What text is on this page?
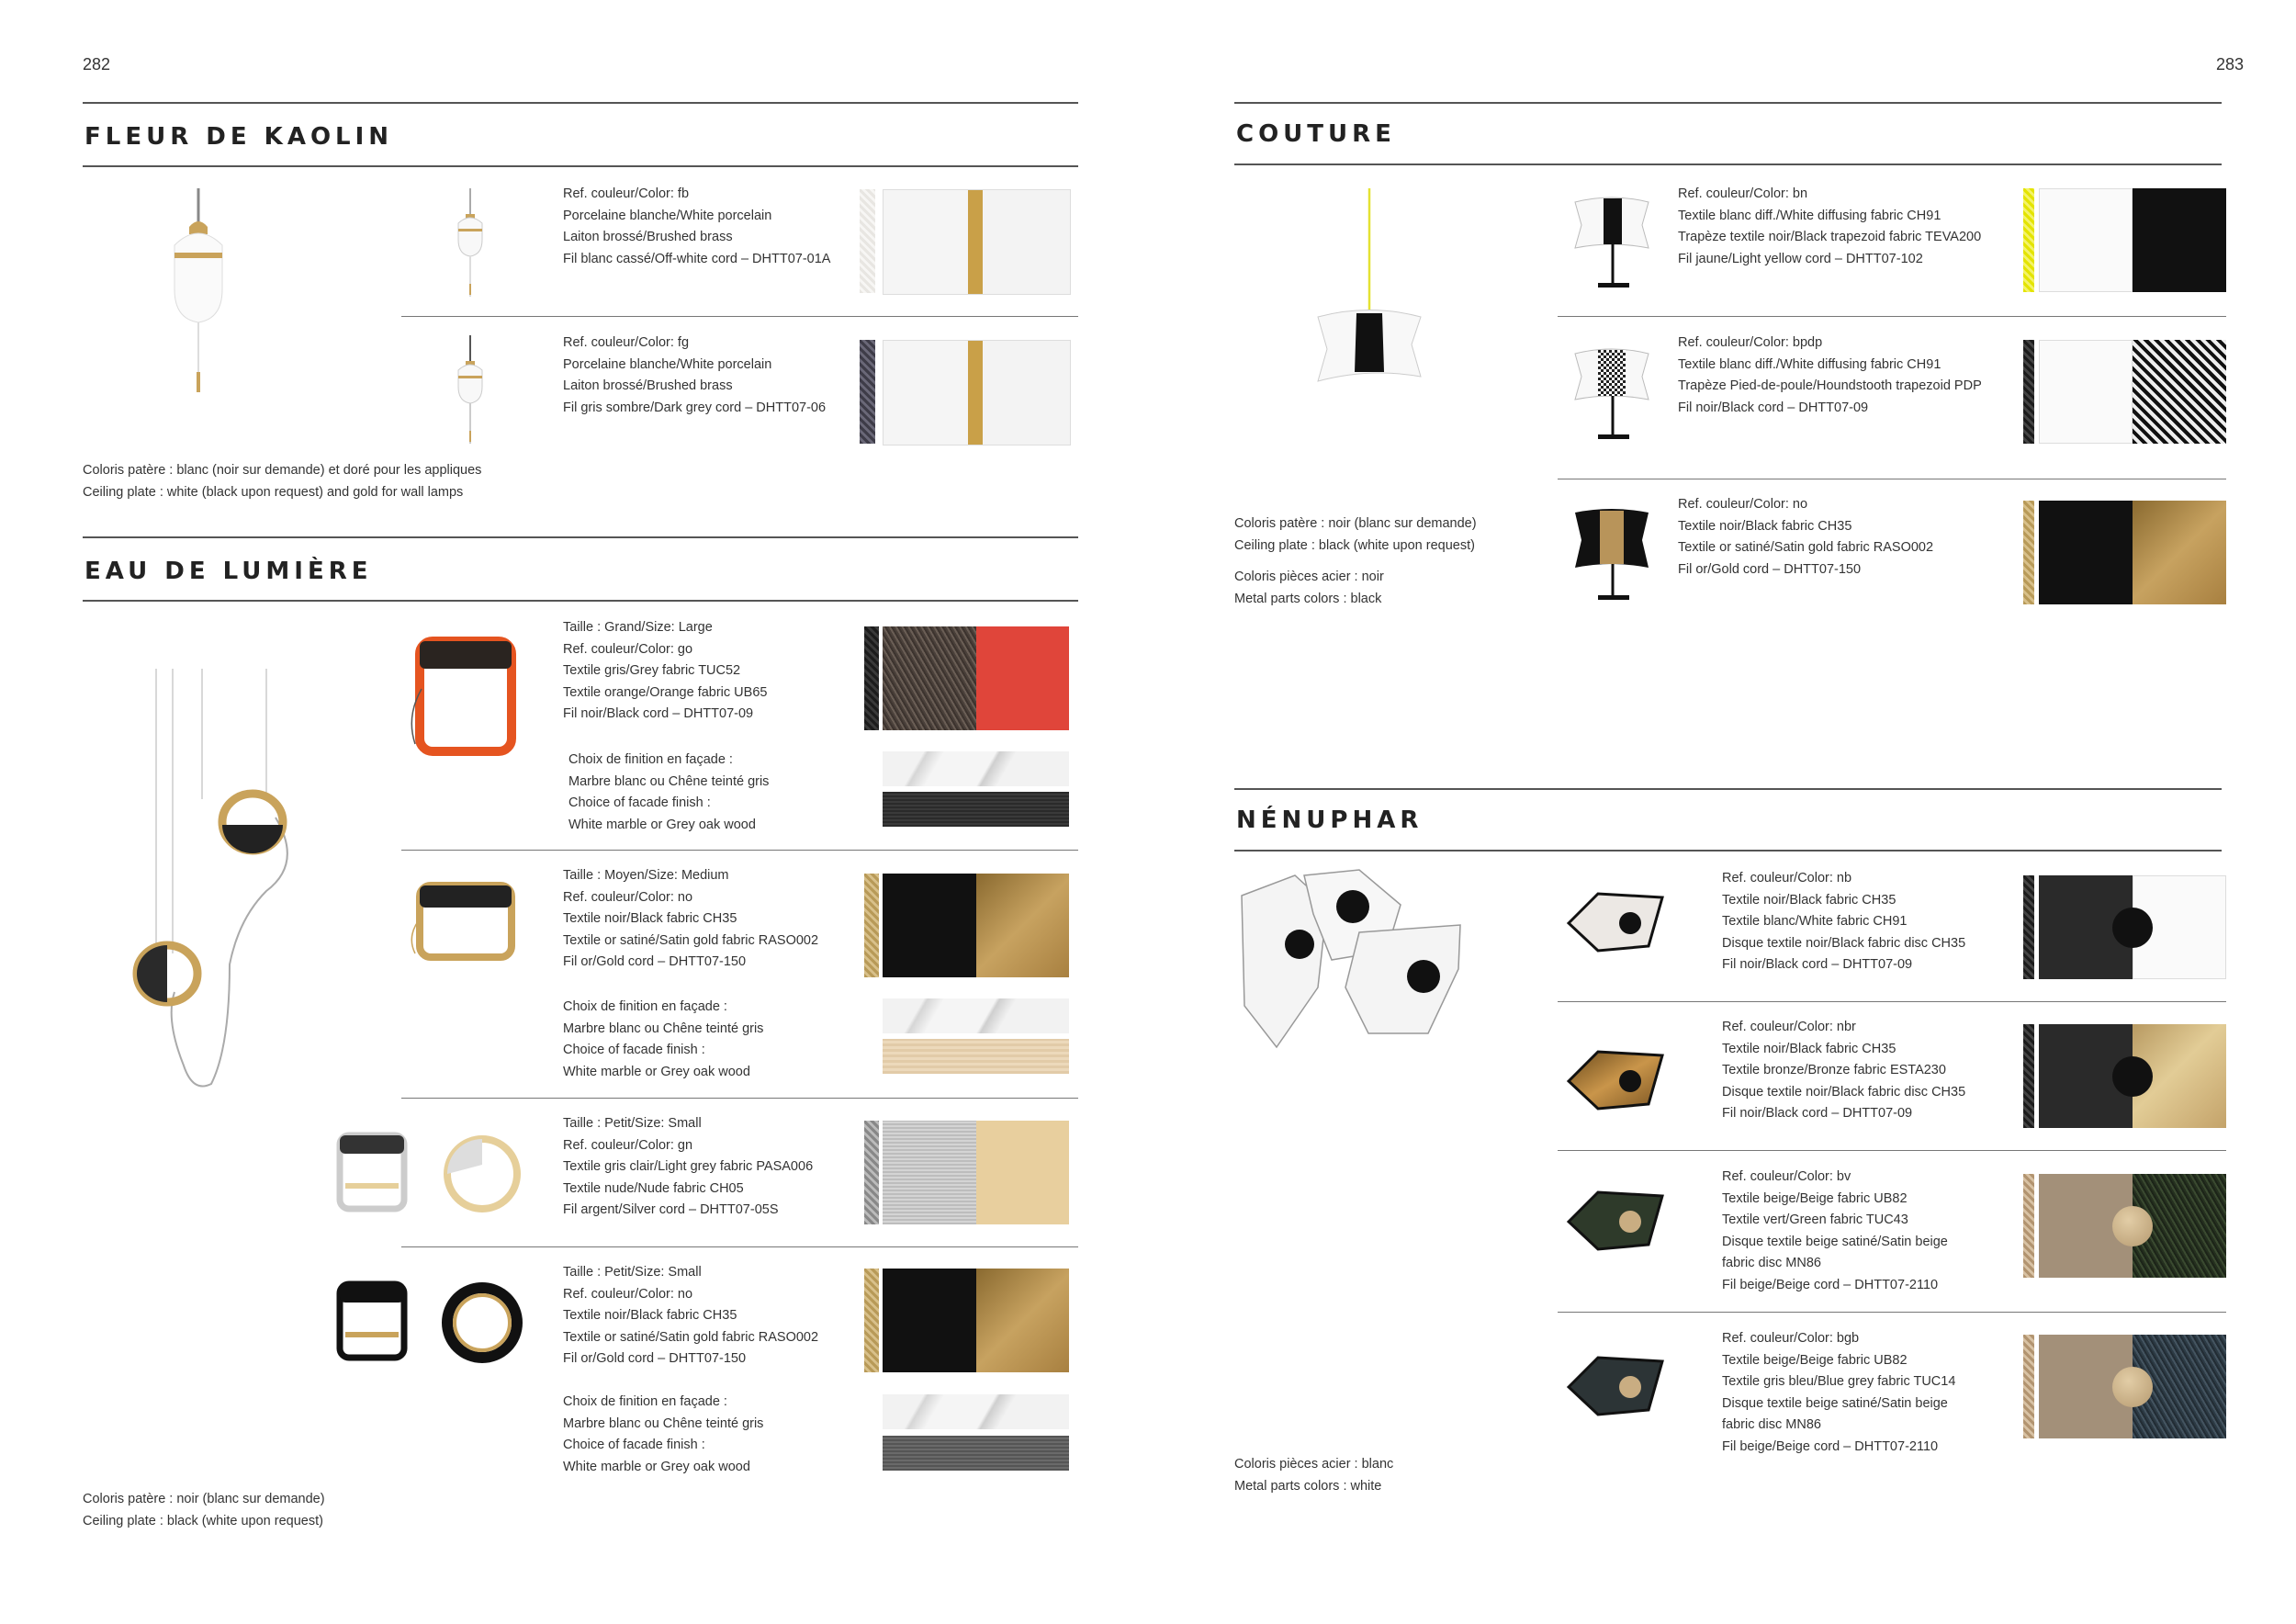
282	283
FLEUR DE KAOLIN
Ref. couleur/Color: fb
Porcelaine blanche/White porcelain
Laiton brossé/Brushed brass
Fil blanc cassé/Off-white cord – DHTT07-01A
Ref. couleur/Color: fg
Porcelaine blanche/White porcelain
Laiton brossé/Brushed brass
Fil gris sombre/Dark grey cord – DHTT07-06
Coloris patère : blanc (noir sur demande) et doré pour les appliques
Ceiling plate : white (black upon request) and gold for wall lamps
EAU DE LUMIÈRE
Taille : Grand/Size: Large
Ref. couleur/Color: go
Textile gris/Grey fabric TUC52
Textile orange/Orange fabric UB65
Fil noir/Black cord – DHTT07-09
Choix de finition en façade :
Marbre blanc ou Chêne teinté gris
Choice of facade finish :
White marble or Grey oak wood
Taille : Moyen/Size: Medium
Ref. couleur/Color: no
Textile noir/Black fabric CH35
Textile or satiné/Satin gold fabric RASO002
Fil or/Gold cord – DHTT07-150
Choix de finition en façade :
Marbre blanc ou Chêne teinté gris
Choice of facade finish :
White marble or Grey oak wood
Taille : Petit/Size: Small
Ref. couleur/Color: gn
Textile gris clair/Light grey fabric PASA006
Textile nude/Nude fabric CH05
Fil argent/Silver cord – DHTT07-05S
Taille : Petit/Size: Small
Ref. couleur/Color: no
Textile noir/Black fabric CH35
Textile or satiné/Satin gold fabric RASO002
Fil or/Gold cord – DHTT07-150
Choix de finition en façade :
Marbre blanc ou Chêne teinté gris
Choice of facade finish :
White marble or Grey oak wood
Coloris patère : noir (blanc sur demande)
Ceiling plate : black (white upon request)
COUTURE
Ref. couleur/Color: bn
Textile blanc diff./White diffusing fabric CH91
Trapèze textile noir/Black trapezoid fabric TEVA200
Fil jaune/Light yellow cord – DHTT07-102
Ref. couleur/Color: bpdp
Textile blanc diff./White diffusing fabric CH91
Trapèze Pied-de-poule/Houndstooth trapezoid PDP
Fil noir/Black cord – DHTT07-09
Ref. couleur/Color: no
Textile noir/Black fabric CH35
Textile or satiné/Satin gold fabric RASO002
Fil or/Gold cord – DHTT07-150
Coloris patère : noir (blanc sur demande)
Ceiling plate : black (white upon request)
Coloris pièces acier : noir
Metal parts colors : black
NÉNUPHAR
Ref. couleur/Color: nb
Textile noir/Black fabric CH35
Textile blanc/White fabric CH91
Disque textile noir/Black fabric disc CH35
Fil noir/Black cord – DHTT07-09
Ref. couleur/Color: nbr
Textile noir/Black fabric CH35
Textile bronze/Bronze fabric ESTA230
Disque textile noir/Black fabric disc CH35
Fil noir/Black cord – DHTT07-09
Ref. couleur/Color: bv
Textile beige/Beige fabric UB82
Textile vert/Green fabric TUC43
Disque textile beige satiné/Satin beige
fabric disc MN86
Fil beige/Beige cord – DHTT07-2110
Ref. couleur/Color: bgb
Textile beige/Beige fabric UB82
Textile gris bleu/Blue grey fabric TUC14
Disque textile beige satiné/Satin beige
fabric disc MN86
Fil beige/Beige cord – DHTT07-2110
Coloris pièces acier : blanc
Metal parts colors : white
